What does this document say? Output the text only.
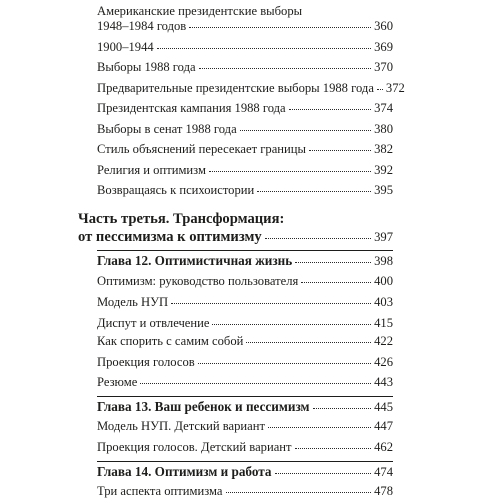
Американские президентские выборы
1948–1984 годов	360
1900–1944	369
Выборы 1988 года	370
Предварительные президентские выборы 1988 года 372
Президентская кампания 1988 года	374
Выборы в сенат 1988 года	380
Стиль объяснений пересекает границы	382
Религия и оптимизм	392
Возвращаясь к психоистории	395
Часть третья. Трансформация:
от пессимизма к оптимизму	397
Глава 12. Оптимистичная жизнь	398
Оптимизм: руководство пользователя	400
Модель НУП	403
Диспут и отвлечение	415
Как спорить с самим собой	422
Проекция голосов	426
Резюме	443
Глава 13. Ваш ребенок и пессимизм	445
Модель НУП. Детский вариант	447
Проекция голосов. Детский вариант	462
Глава 14. Оптимизм и работа	474
Три аспекта оптимизма	478
